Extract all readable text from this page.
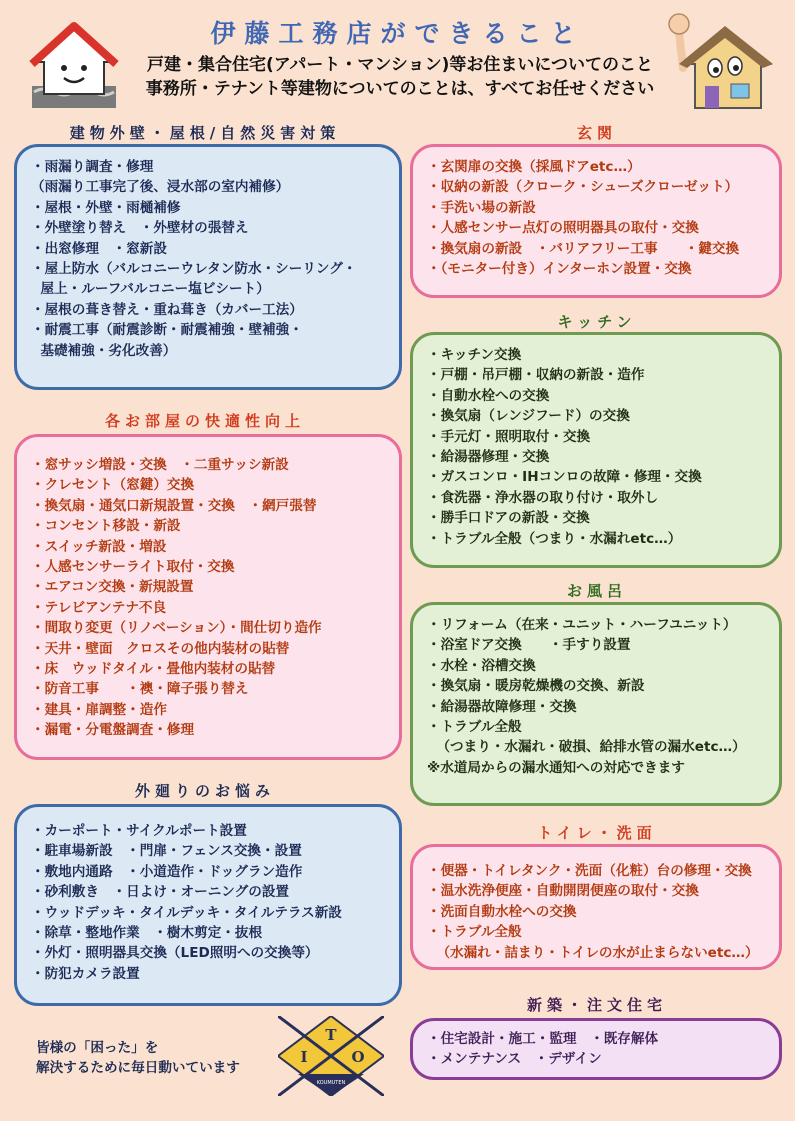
伊藤工務店ができること
戸建・集合住宅(アパート・マンション)等お住まいについてのこと
事務所・テナント等建物についてのことは、すべてお任せください
建物外壁・屋根/自然災害対策
・雨漏り調査・修理
（雨漏り工事完了後、浸水部の室内補修）
・屋根・外壁・雨樋補修
・外壁塗り替え　・外壁材の張替え
・出窓修理　・窓新設
・屋上防水（バルコニーウレタン防水・シーリング・
屋上・ルーフバルコニー塩ビシート）
・屋根の葺き替え・重ね葺き（カバー工法）
・耐震工事（耐震診断・耐震補強・壁補強・
基礎補強・劣化改善）
各お部屋の快適性向上
・窓サッシ増設・交換　・二重サッシ新設
・クレセント（窓鍵）交換
・換気扇・通気口新規設置・交換　・網戸張替
・コンセント移設・新設
・スイッチ新設・増設
・人感センサーライト取付・交換
・エアコン交換・新規設置
・テレビアンテナ不良
・間取り変更（リノベーション）・間仕切り造作
・天井・壁面　クロスその他内装材の貼替
・床　ウッドタイル・畳他内装材の貼替
・防音工事　　・襖・障子張り替え
・建具・扉調整・造作
・漏電・分電盤調査・修理
外廻りのお悩み
・カーポート・サイクルポート設置
・駐車場新設　・門扉・フェンス交換・設置
・敷地内通路　・小道造作・ドッグラン造作
・砂利敷き　・日よけ・オーニングの設置
・ウッドデッキ・タイルデッキ・タイルテラス新設
・除草・整地作業　・樹木剪定・抜根
・外灯・照明器具交換（LED照明への交換等）
・防犯カメラ設置
皆様の「困った」を
解決するために毎日動いています
T
I	O
KOUMUTEN
玄関
・玄関扉の交換（採風ドアetc…）
・収納の新設（クローク・シューズクローゼット）
・手洗い場の新設
・人感センサー点灯の照明器具の取付・交換
・換気扇の新設　・バリアフリー工事　　・鍵交換
・（モニター付き）インターホン設置・交換
キッチン
・キッチン交換
・戸棚・吊戸棚・収納の新設・造作
・自動水栓への交換
・換気扇（レンジフード）の交換
・手元灯・照明取付・交換
・給湯器修理・交換
・ガスコンロ・IHコンロの故障・修理・交換
・食洗器・浄水器の取り付け・取外し
・勝手口ドアの新設・交換
・トラブル全般（つまり・水漏れetc…）
お風呂
・リフォーム（在来・ユニット・ハーフユニット）
・浴室ドア交換　　・手すり設置
・水栓・浴槽交換
・換気扇・暖房乾燥機の交換、新設
・給湯器故障修理・交換
・トラブル全般
（つまり・水漏れ・破損、給排水管の漏水etc…）
※水道局からの漏水通知への対応できます
トイレ・洗面
・便器・トイレタンク・洗面（化粧）台の修理・交換
・温水洗浄便座・自動開閉便座の取付・交換
・洗面自動水栓への交換
・トラブル全般
（水漏れ・詰まり・トイレの水が止まらないetc…）
新築・注文住宅
・住宅設計・施工・監理　・既存解体
・メンテナンス　・デザイン
